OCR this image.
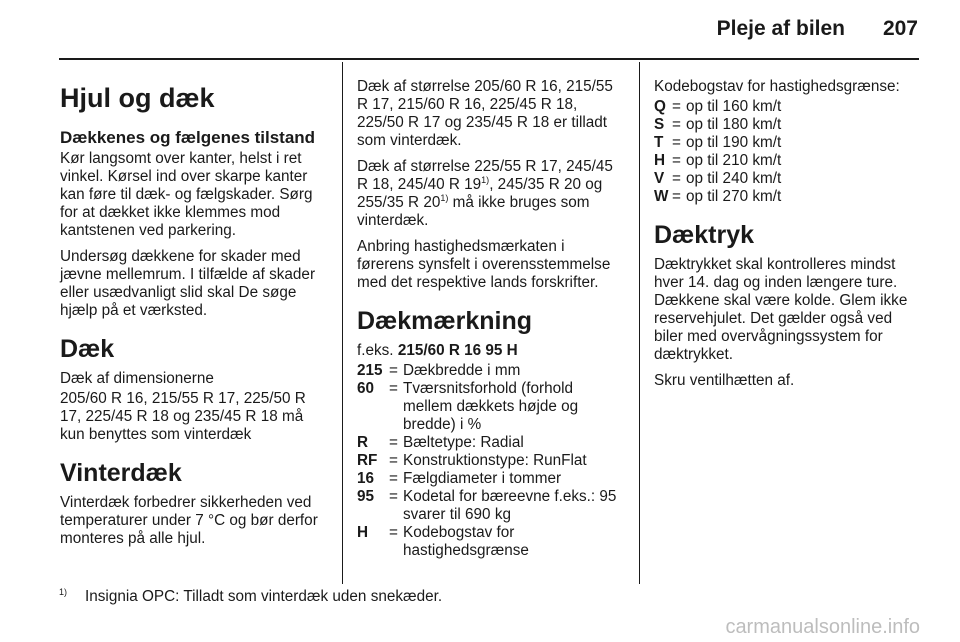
Pleje af bilen 207
Hjul og dæk
Dækkenes og fælgenes tilstand

Kør langsomt over kanter, helst i ret vinkel. Kørsel ind over skarpe kanter kan føre til dæk- og fælgskader. Sørg for at dækket ikke klemmes mod kantstenen ved parkering.

Undersøg dækkene for skader med jævne mellemrum. I tilfælde af skader eller usædvanligt slid skal De søge hjælp på et værksted.

Dæk

Dæk af dimensionerne

205/60 R 16, 215/55 R 17, 225/50 R 17, 225/45 R 18 og 235/45 R 18 må kun benyttes som vinterdæk

Vinterdæk

Vinterdæk forbedrer sikkerheden ved temperaturer under 7 °C og bør derfor monteres på alle hjul.

Dæk af størrelse 205/60 R 16, 215/55 R 17, 215/60 R 16, 225/45 R 18, 225/50 R 17 og 235/45 R 18 er tilladt som vinterdæk.

Dæk af størrelse 225/55 R 17, 245/45 R 18, 245/40 R 19$^{1)}$, 245/35 R 20 og 255/35 R 20$^{1)}$ må ikke bruges som vinterdæk.

Anbring hastighedsmærkaten i førerens synsfelt i overensstemmelse med det respektive lands forskrifter.

Dækmærkning

f.eks. 215/60 R 16 95 H

215 = Dækbredde i mm
60 = Tværsnitsforhold (forhold mellem dækkets højde og bredde) i %
R	= Bæltetype: Radial
RF = Konstruktionstype: RunFlat
16 = Fælgdiameter i tommer
95 = Kodetal for bæreevne f.eks.: 95 svarer til 690 kg
H	= Kodebogstav for hastighedsgrænse

Kodebogstav for hastighedsgrænse:

Q = op til 160 km/t
S = op til 180 km/t
T = op til 190 km/t
H = op til 210 km/t
V = op til 240 km/t
W = op til 270 km/t
Dæktryk

Dæktrykket skal kontrolleres mindst hver 14. dag og inden længere ture. Dækkene skal være kolde. Glem ikke reservehjulet. Det gælder også ved biler med overvågningssystem for dæktrykket.

Skru ventilhætten af.

$^{1)}$ Insignia OPC: Tilladt som vinterdæk uden snekæder.
carmanualsonline.info
